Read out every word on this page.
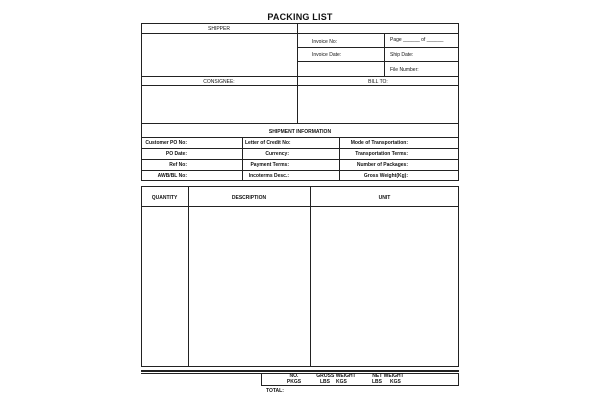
PACKING LIST
SHIPPER
Invoice No:
Invoice Date:
Page ______ of ______
Ship Date:
File Number:
CONSIGNEE:	BILL TO:
SHIPMENT INFORMATION
Customer PO No:	Letter of Credit No:	Mode of Transportation:
PO Date:	Currency:	Transportation Terms:
Ref No:	Payment Terms:	Number of Packages:
AWB/BL No:	Incoterms Desc.:	Gross Weight(Kg):
QUANTITY	DESCRIPTION	UNIT
NO.
PKGS
GROSS WEIGHT
LBS KGS
NET WEIGHT
LBS KGS
TOTAL:
